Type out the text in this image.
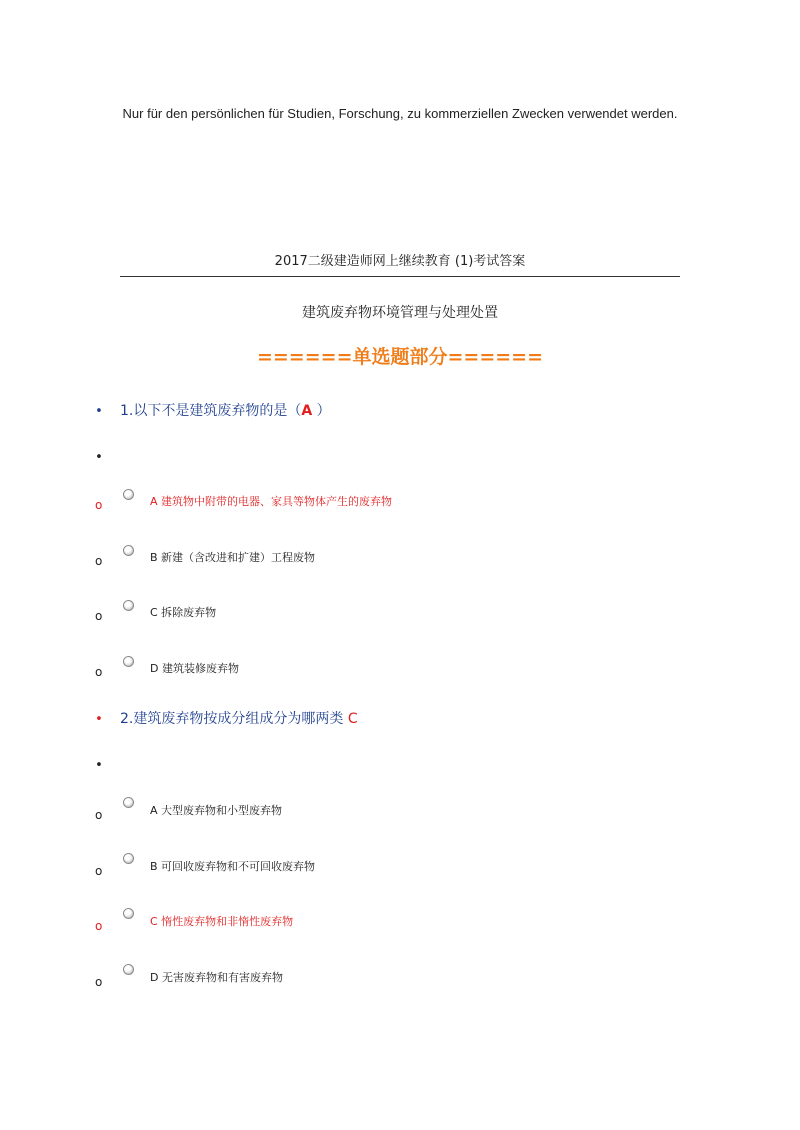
Nur für den persönlichen für Studien, Forschung, zu kommerziellen Zwecken verwendet werden.
2017二级建造师网上继续教育 (1)考试答案
建筑废弃物环境管理与处理处置
======单选题部分======
• 1.以下不是建筑废弃物的是（A ）
•
o	A 建筑物中附带的电器、家具等物体产生的废弃物
o	B 新建（含改进和扩建）工程废物
o	C 拆除废弃物
o	D 建筑装修废弃物
• 2.建筑废弃物按成分组成分为哪两类 C
•
o	A 大型废弃物和小型废弃物
o	B 可回收废弃物和不可回收废弃物
o	C 惰性废弃物和非惰性废弃物
o	D 无害废弃物和有害废弃物
